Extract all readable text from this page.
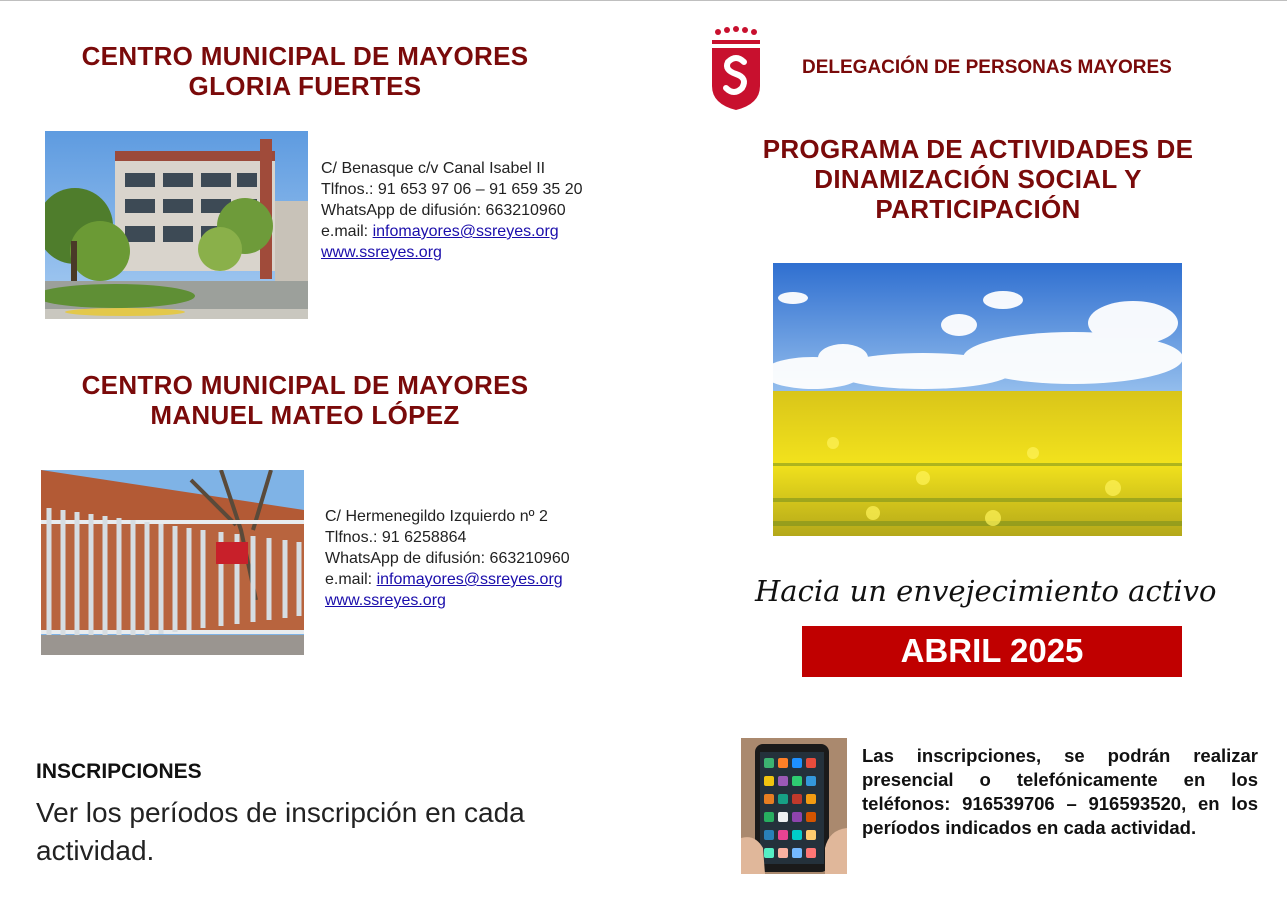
CENTRO MUNICIPAL DE MAYORES
GLORIA FUERTES
C/ Benasque c/v Canal Isabel II
Tlfnos.: 91 653 97 06 – 91 659 35 20
WhatsApp de difusión: 663210960
e.mail: infomayores@ssreyes.org
www.ssreyes.org
CENTRO MUNICIPAL DE MAYORES
MANUEL MATEO LÓPEZ
C/ Hermenegildo Izquierdo nº 2
Tlfnos.: 91 6258864
WhatsApp de difusión: 663210960
e.mail: infomayores@ssreyes.org
www.ssreyes.org
INSCRIPCIONES
Ver los períodos de inscripción en cada actividad.
DELEGACIÓN DE PERSONAS MAYORES
PROGRAMA DE ACTIVIDADES DE
DINAMIZACIÓN SOCIAL Y
PARTICIPACIÓN
Hacia un envejecimiento activo
ABRIL 2025
Las inscripciones, se podrán realizar presencial o telefónicamente en los teléfonos: 916539706 – 916593520, en los períodos indicados en cada actividad.
